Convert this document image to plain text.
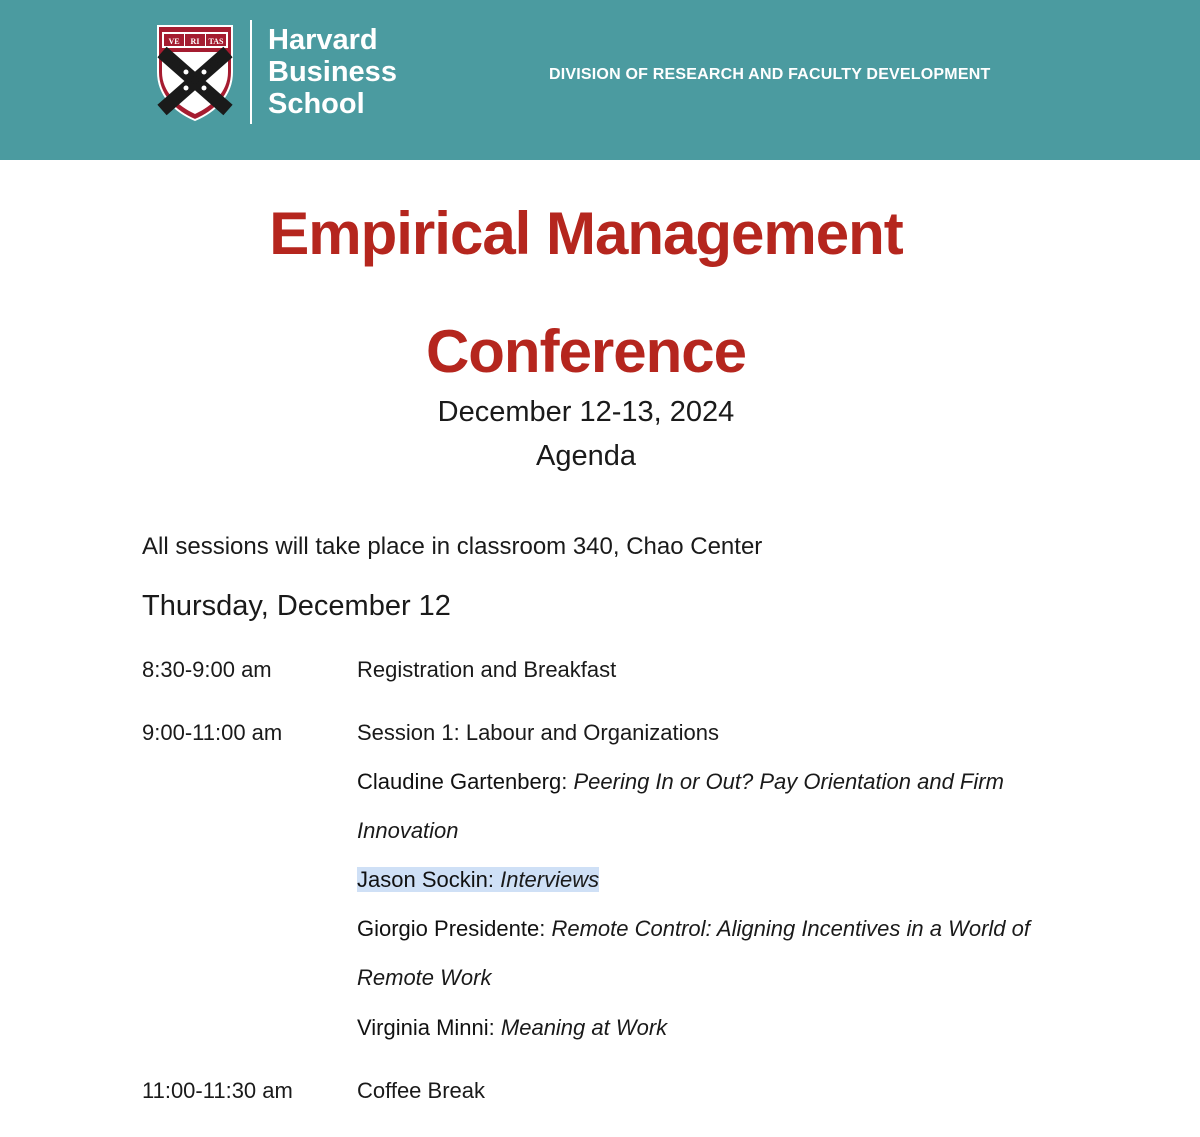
VE RI TAS Harvard
Business
School
DIVISION OF RESEARCH AND FACULTY DEVELOPMENT
Empirical Management
Conference
December 12-13, 2024
Agenda
All sessions will take place in classroom 340, Chao Center
Thursday, December 12
8:30-9:00 am	Registration and Breakfast
9:00-11:00 am	Session 1: Labour and Organizations
Claudine Gartenberg: Peering In or Out? Pay Orientation and Firm
Innovation
Jason Sockin: Interviews
Giorgio Presidente: Remote Control: Aligning Incentives in a World of
Remote Work
Virginia Minni: Meaning at Work
11:00-11:30 am	Coffee Break
